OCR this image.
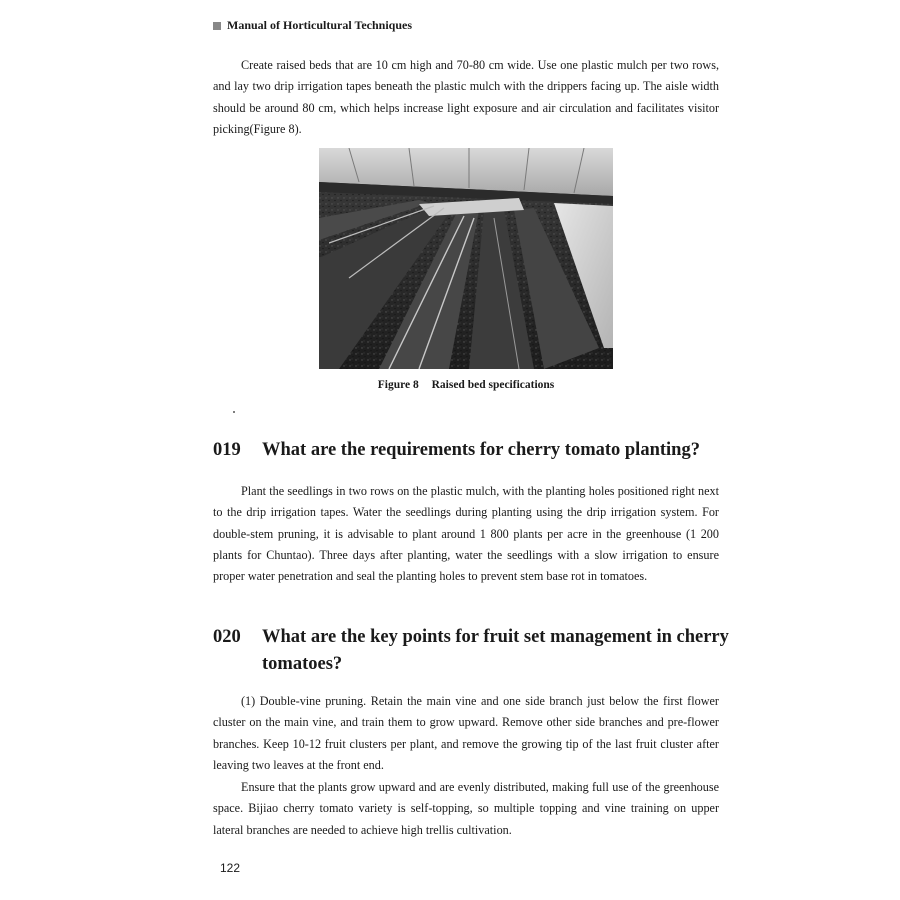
Manual of Horticultural Techniques

Create raised beds that are 10 cm high and 70-80 cm wide. Use one plastic mulch per two rows, and lay two drip irrigation tapes beneath the plastic mulch with the drippers facing up. The aisle width should be around 80 cm, which helps increase light exposure and air circulation and facilitates visitor picking(Figure 8).

Figure 8 Raised bed specifications
019	What are the requirements for cherry tomato planting?

Plant the seedlings in two rows on the plastic mulch, with the planting holes positioned right next to the drip irrigation tapes. Water the seedlings during planting using the drip irrigation system. For double-stem pruning, it is advisable to plant around 1 800 plants per acre in the greenhouse (1 200 plants for Chuntao). Three days after planting, water the seedlings with a slow irrigation to ensure proper water penetration and seal the planting holes to prevent stem base rot in tomatoes.

020	What are the key points for fruit set management in cherry tomatoes?

(1) Double-vine pruning. Retain the main vine and one side branch just below the first flower cluster on the main vine, and train them to grow upward. Remove other side branches and pre-flower branches. Keep 10-12 fruit clusters per plant, and remove the growing tip of the last fruit cluster after leaving two leaves at the front end.

Ensure that the plants grow upward and are evenly distributed, making full use of the greenhouse space. Bijiao cherry tomato variety is self-topping, so multiple topping and vine training on upper lateral branches are needed to achieve high trellis cultivation.

122
